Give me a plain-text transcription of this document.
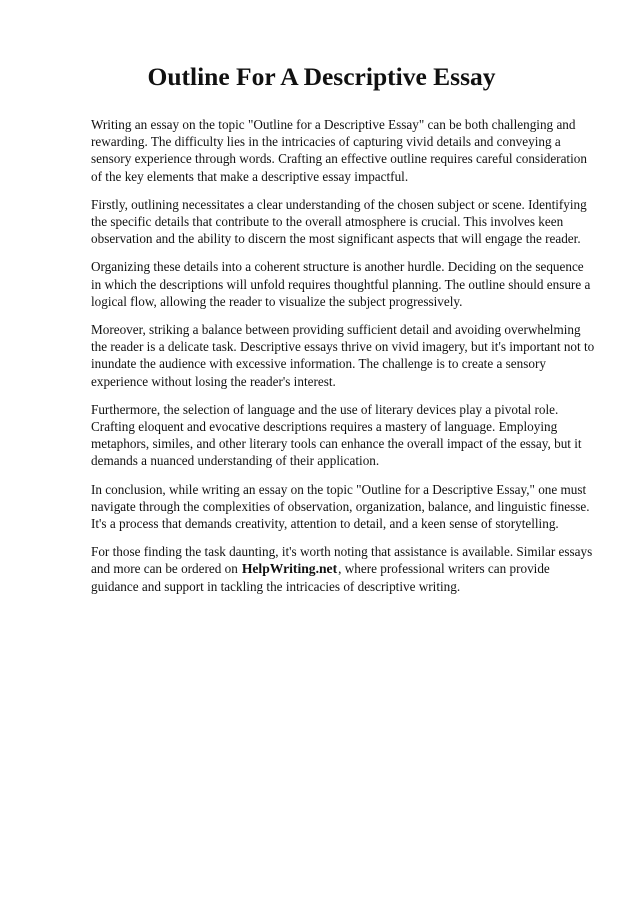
Outline For A Descriptive Essay

Writing an essay on the topic "Outline for a Descriptive Essay" can be both challenging and rewarding. The difficulty lies in the intricacies of capturing vivid details and conveying a sensory experience through words. Crafting an effective outline requires careful consideration of the key elements that make a descriptive essay impactful.

Firstly, outlining necessitates a clear understanding of the chosen subject or scene. Identifying the specific details that contribute to the overall atmosphere is crucial. This involves keen observation and the ability to discern the most significant aspects that will engage the reader.

Organizing these details into a coherent structure is another hurdle. Deciding on the sequence in which the descriptions will unfold requires thoughtful planning. The outline should ensure a logical flow, allowing the reader to visualize the subject progressively.

Moreover, striking a balance between providing sufficient detail and avoiding overwhelming the reader is a delicate task. Descriptive essays thrive on vivid imagery, but it's important not to inundate the audience with excessive information. The challenge is to create a sensory experience without losing the reader's interest.

Furthermore, the selection of language and the use of literary devices play a pivotal role. Crafting eloquent and evocative descriptions requires a mastery of language. Employing metaphors, similes, and other literary tools can enhance the overall impact of the essay, but it demands a nuanced understanding of their application.

In conclusion, while writing an essay on the topic "Outline for a Descriptive Essay," one must navigate through the complexities of observation, organization, balance, and linguistic finesse. It's a process that demands creativity, attention to detail, and a keen sense of storytelling.

For those finding the task daunting, it's worth noting that assistance is available. Similar essays and more can be ordered on HelpWriting.net, where professional writers can provide guidance and support in tackling the intricacies of descriptive writing.
